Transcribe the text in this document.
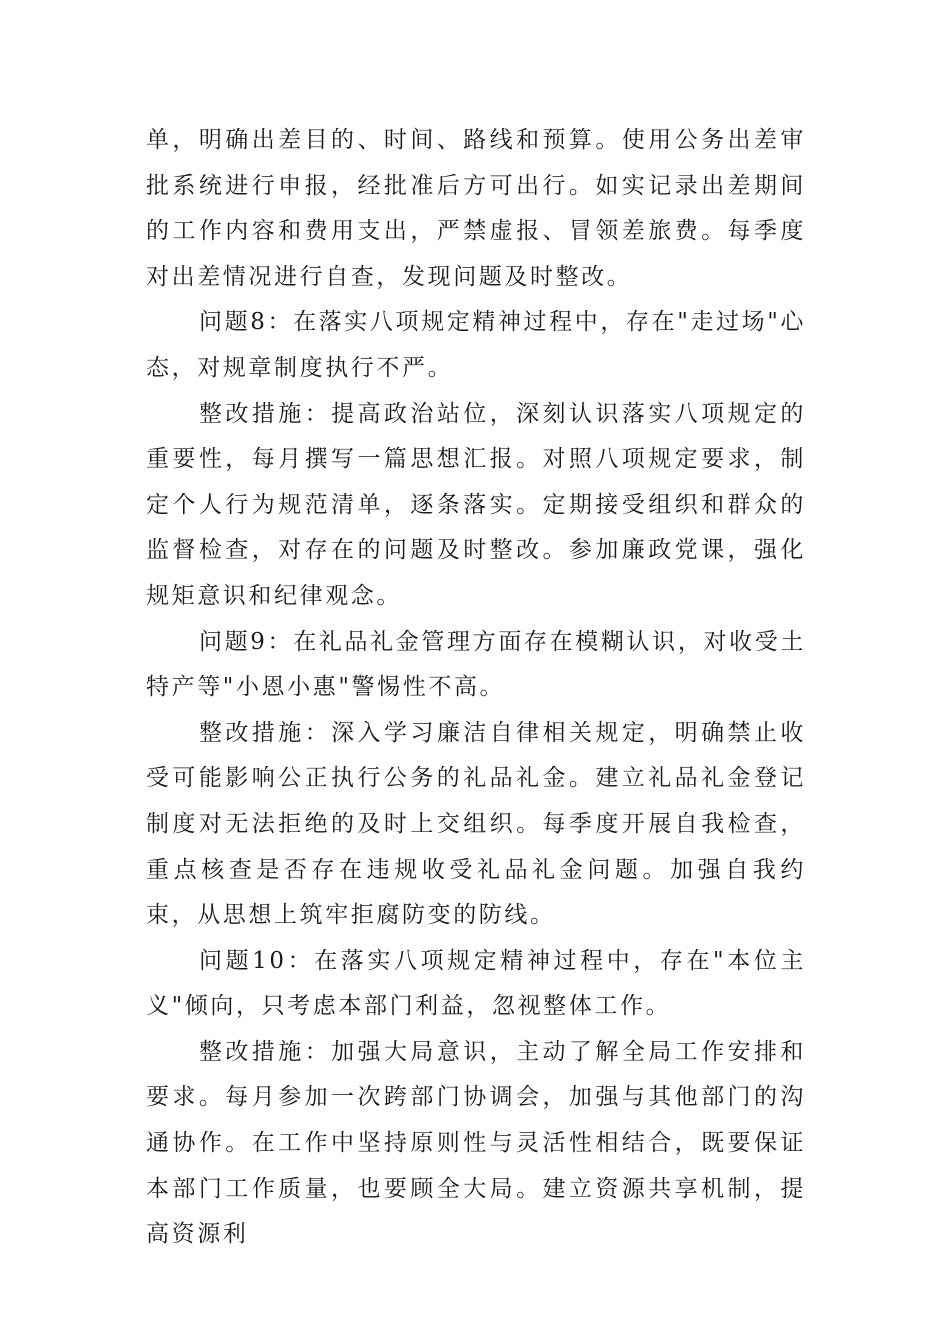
单，明确出差目的、时间、路线和预算。使用公务出差审批系统进行申报，经批准后方可出行。如实记录出差期间的工作内容和费用支出，严禁虚报、冒领差旅费。每季度对出差情况进行自查，发现问题及时整改。

问题8：在落实八项规定精神过程中，存在"走过场"心态，对规章制度执行不严。

整改措施：提高政治站位，深刻认识落实八项规定的重要性，每月撰写一篇思想汇报。对照八项规定要求，制定个人行为规范清单，逐条落实。定期接受组织和群众的监督检查，对存在的问题及时整改。参加廉政党课，强化规矩意识和纪律观念。

问题9：在礼品礼金管理方面存在模糊认识，对收受土特产等"小恩小惠"警惕性不高。

整改措施：深入学习廉洁自律相关规定，明确禁止收受可能影响公正执行公务的礼品礼金。建立礼品礼金登记制度对无法拒绝的及时上交组织。每季度开展自我检查，重点核查是否存在违规收受礼品礼金问题。加强自我约束，从思想上筑牢拒腐防变的防线。

问题10：在落实八项规定精神过程中，存在"本位主义"倾向，只考虑本部门利益，忽视整体工作。

整改措施：加强大局意识，主动了解全局工作安排和要求。每月参加一次跨部门协调会，加强与其他部门的沟通协作。在工作中坚持原则性与灵活性相结合，既要保证本部门工作质量，也要顾全大局。建立资源共享机制，提高资源利
